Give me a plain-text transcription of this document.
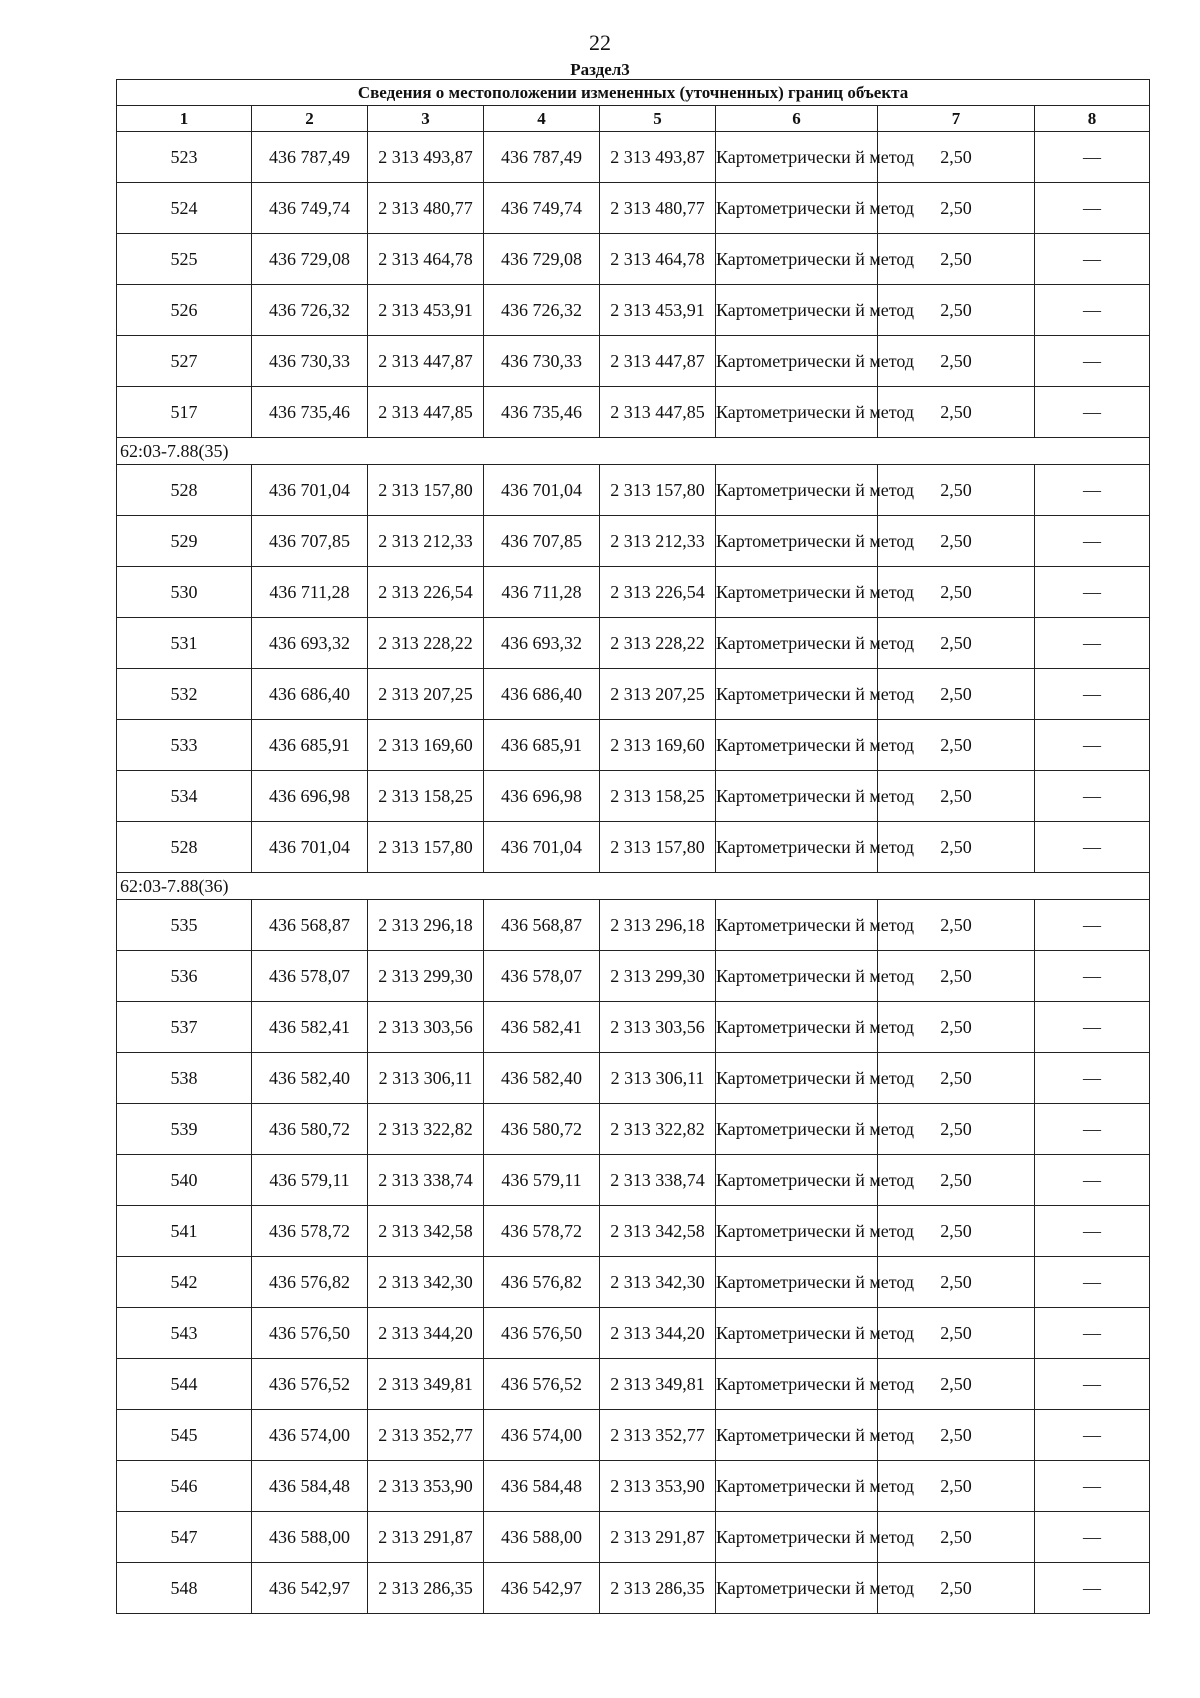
22
Раздел3
Сведения о местоположении измененных (уточненных) границ объекта							
1	2	3	4	5	6	7	8
523	436 787,49	2 313 493,87	436 787,49	2 313 493,87	Картометрически й метод	2,50	—
524	436 749,74	2 313 480,77	436 749,74	2 313 480,77	Картометрически й метод	2,50	—
525	436 729,08	2 313 464,78	436 729,08	2 313 464,78	Картометрически й метод	2,50	—
526	436 726,32	2 313 453,91	436 726,32	2 313 453,91	Картометрически й метод	2,50	—
527	436 730,33	2 313 447,87	436 730,33	2 313 447,87	Картометрически й метод	2,50	—
517	436 735,46	2 313 447,85	436 735,46	2 313 447,85	Картометрически й метод	2,50	—
62:03-7.88(35)							
528	436 701,04	2 313 157,80	436 701,04	2 313 157,80	Картометрически й метод	2,50	—
529	436 707,85	2 313 212,33	436 707,85	2 313 212,33	Картометрически й метод	2,50	—
530	436 711,28	2 313 226,54	436 711,28	2 313 226,54	Картометрически й метод	2,50	—
531	436 693,32	2 313 228,22	436 693,32	2 313 228,22	Картометрически й метод	2,50	—
532	436 686,40	2 313 207,25	436 686,40	2 313 207,25	Картометрически й метод	2,50	—
533	436 685,91	2 313 169,60	436 685,91	2 313 169,60	Картометрически й метод	2,50	—
534	436 696,98	2 313 158,25	436 696,98	2 313 158,25	Картометрически й метод	2,50	—
528	436 701,04	2 313 157,80	436 701,04	2 313 157,80	Картометрически й метод	2,50	—
62:03-7.88(36)							
535	436 568,87	2 313 296,18	436 568,87	2 313 296,18	Картометрически й метод	2,50	—
536	436 578,07	2 313 299,30	436 578,07	2 313 299,30	Картометрически й метод	2,50	—
537	436 582,41	2 313 303,56	436 582,41	2 313 303,56	Картометрически й метод	2,50	—
538	436 582,40	2 313 306,11	436 582,40	2 313 306,11	Картометрически й метод	2,50	—
539	436 580,72	2 313 322,82	436 580,72	2 313 322,82	Картометрически й метод	2,50	—
540	436 579,11	2 313 338,74	436 579,11	2 313 338,74	Картометрически й метод	2,50	—
541	436 578,72	2 313 342,58	436 578,72	2 313 342,58	Картометрически й метод	2,50	—
542	436 576,82	2 313 342,30	436 576,82	2 313 342,30	Картометрически й метод	2,50	—
543	436 576,50	2 313 344,20	436 576,50	2 313 344,20	Картометрически й метод	2,50	—
544	436 576,52	2 313 349,81	436 576,52	2 313 349,81	Картометрически й метод	2,50	—
545	436 574,00	2 313 352,77	436 574,00	2 313 352,77	Картометрически й метод	2,50	—
546	436 584,48	2 313 353,90	436 584,48	2 313 353,90	Картометрически й метод	2,50	—
547	436 588,00	2 313 291,87	436 588,00	2 313 291,87	Картометрически й метод	2,50	—
548	436 542,97	2 313 286,35	436 542,97	2 313 286,35	Картометрически й метод	2,50	—
